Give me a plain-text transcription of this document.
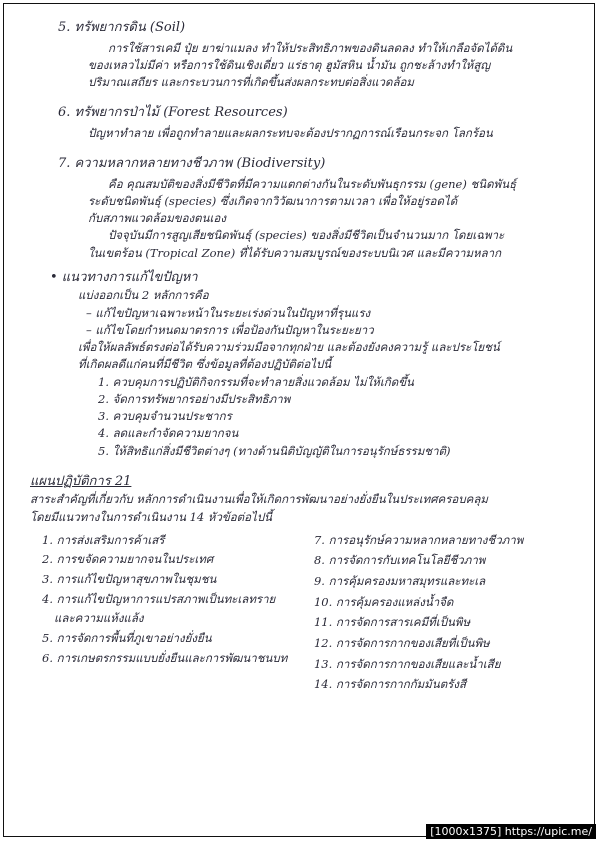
5. ทรัพยากรดิน (Soil)

การใช้สารเคมี ปุ๋ย ยาฆ่าแมลง ทำให้ประสิทธิภาพของดินลดลง ทำให้เกลือจัดได้ดิน

ของเหลวไม่มีค่า หรือการใช้ดินเชิงเดี่ยว แร่ธาตุ ฮูมัสหิน น้ำมัน ถูกชะล้างทำให้สูญ

ปริมาณเสถียร และกระบวนการที่เกิดขึ้นส่งผลกระทบต่อสิ่งแวดล้อม

6. ทรัพยากรป่าไม้ (Forest Resources)

ปัญหาทำลาย เพื่อถูกทำลายและผลกระทบจะต้องปรากฏการณ์เรือนกระจก โลกร้อน

7. ความหลากหลายทางชีวภาพ (Biodiversity)

คือ คุณสมบัติของสิ่งมีชีวิตที่มีความแตกต่างกันในระดับพันธุกรรม (gene) ชนิดพันธุ์

ระดับชนิดพันธุ์ (species) ซึ่งเกิดจากวิวัฒนาการตามเวลา เพื่อให้อยู่รอดได้

กับสภาพแวดล้อมของตนเอง

ปัจจุบันมีการสูญเสียชนิดพันธุ์ (species) ของสิ่งมีชีวิตเป็นจำนวนมาก โดยเฉพาะ

ในเขตร้อน (Tropical Zone) ที่ได้รับความสมบูรณ์ของระบบนิเวศ และมีความหลาก

• แนวทางการแก้ไขปัญหา

แบ่งออกเป็น 2 หลักการคือ

– แก้ไขปัญหาเฉพาะหน้าในระยะเร่งด่วนในปัญหาที่รุนแรง

– แก้ไขโดยกำหนดมาตรการ เพื่อป้องกันปัญหาในระยะยาว

เพื่อให้ผลลัพธ์ตรงต่อได้รับความร่วมมือจากทุกฝ่าย และต้องยังคงความรู้ และประโยชน์

ที่เกิดผลดีแก่คนที่มีชีวิต ซึ่งข้อมูลที่ต้องปฏิบัติต่อไปนี้

1. ควบคุมการปฏิบัติกิจกรรมที่จะทำลายสิ่งแวดล้อม ไม่ให้เกิดขึ้น

2. จัดการทรัพยากรอย่างมีประสิทธิภาพ

3. ควบคุมจำนวนประชากร

4. ลดและกำจัดความยากจน

5. ให้สิทธิแก่สิ่งมีชีวิตต่างๆ (ทางด้านนิติบัญญัติในการอนุรักษ์ธรรมชาติ)

แผนปฏิบัติการ 21

สาระสำคัญที่เกี่ยวกับ หลักการดำเนินงานเพื่อให้เกิดการพัฒนาอย่างยั่งยืนในประเทศครอบคลุม

โดยมีแนวทางในการดำเนินงาน 14 หัวข้อต่อไปนี้

1. การส่งเสริมการค้าเสรี

2. การขจัดความยากจนในประเทศ

3. การแก้ไขปัญหาสุขภาพในชุมชน

4. การแก้ไขปัญหาการแปรสภาพเป็นทะเลทราย

และความแห้งแล้ง

5. การจัดการพื้นที่ภูเขาอย่างยั่งยืน

6. การเกษตรกรรมแบบยั่งยืนและการพัฒนาชนบท

7. การอนุรักษ์ความหลากหลายทางชีวภาพ

8. การจัดการกับเทคโนโลยีชีวภาพ

9. การคุ้มครองมหาสมุทรและทะเล

10. การคุ้มครองแหล่งน้ำจืด

11. การจัดการสารเคมีที่เป็นพิษ

12. การจัดการกากของเสียที่เป็นพิษ

13. การจัดการกากของเสียและน้ำเสีย

14. การจัดการกากกัมมันตรังสี

[1000x1375] https://upic.me/
